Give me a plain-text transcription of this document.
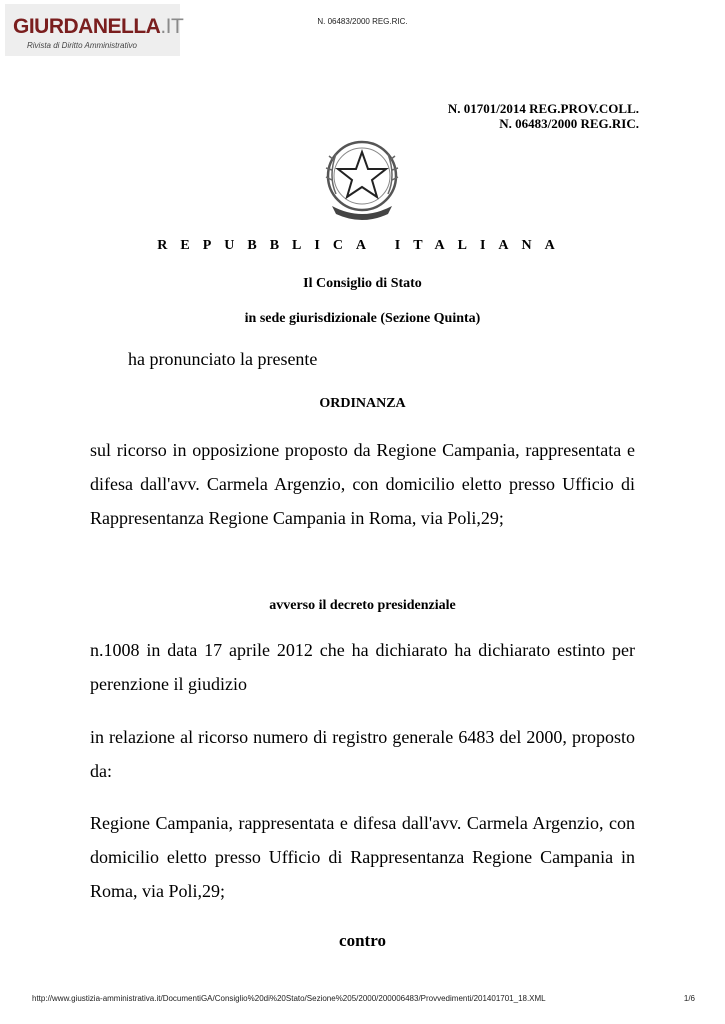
GIURDANELLA.IT
Rivista di Diritto Amministrativo
N. 06483/2000 REG.RIC.
N. 01701/2014 REG.PROV.COLL.
N. 06483/2000 REG.RIC.
REPUBBLICA ITALIANA
Il Consiglio di Stato
in sede giurisdizionale (Sezione Quinta)
ha pronunciato la presente
ORDINANZA
sul ricorso in opposizione proposto da Regione Campania, rappresentata e difesa dall'avv. Carmela Argenzio, con domicilio eletto presso Ufficio di Rappresentanza Regione Campania in Roma, via Poli,29;
avverso il decreto presidenziale
n.1008 in data 17 aprile 2012 che ha dichiarato ha dichiarato estinto per perenzione il giudizio
in relazione al ricorso numero di registro generale 6483 del 2000, proposto da:
Regione Campania, rappresentata e difesa dall'avv. Carmela Argenzio, con domicilio eletto presso Ufficio di Rappresentanza Regione Campania in Roma, via Poli,29;
contro
http://www.giustizia-amministrativa.it/DocumentiGA/Consiglio%20di%20Stato/Sezione%205/2000/200006483/Provvedimenti/201401701_18.XML	1/6
